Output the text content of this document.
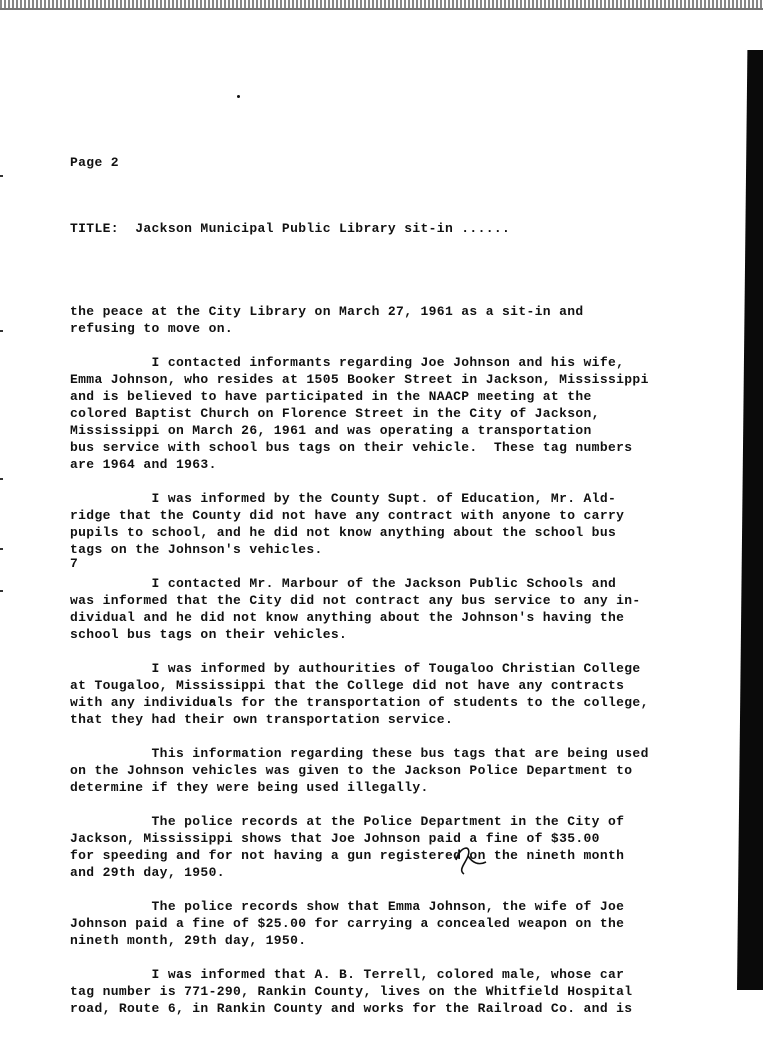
Page 2

TITLE:  Jackson Municipal Public Library sit-in ......

the peace at the City Library on March 27, 1961 as a sit-in and

refusing to move on.

I contacted informants regarding Joe Johnson and his wife,

Emma Johnson, who resides at 1505 Booker Street in Jackson, Mississippi

and is believed to have participated in the NAACP meeting at the

colored Baptist Church on Florence Street in the City of Jackson,

Mississippi on March 26, 1961 and was operating a transportation

bus service with school bus tags on their vehicle.  These tag numbers

are 1964 and 1963.

I was informed by the County Supt. of Education, Mr. Ald-

ridge that the County did not have any contract with anyone to carry

pupils to school, and he did not know anything about the school bus

tags on the Johnson's vehicles.

I contacted Mr. Marbour of the Jackson Public Schools and

was informed that the City did not contract any bus service to any in-

dividual and he did not know anything about the Johnson's having the

school bus tags on their vehicles.

I was informed by authourities of Tougaloo Christian College

at Tougaloo, Mississippi that the College did not have any contracts

with any individuals for the transportation of students to the college,

that they had their own transportation service.

This information regarding these bus tags that are being used

on the Johnson vehicles was given to the Jackson Police Department to

determine if they were being used illegally.

The police records at the Police Department in the City of

Jackson, Mississippi shows that Joe Johnson paid a fine of $35.00

for speeding and for not having a gun registered on the nineth month

and 29th day, 1950.

The police records show that Emma Johnson, the wife of Joe

Johnson paid a fine of $25.00 for carrying a concealed weapon on the

nineth month, 29th day, 1950.

I was informed that A. B. Terrell, colored male, whose car

tag number is 771-290, Rankin County, lives on the Whitfield Hospital

road, Route 6, in Rankin County and works for the Railroad Co. and is

7
